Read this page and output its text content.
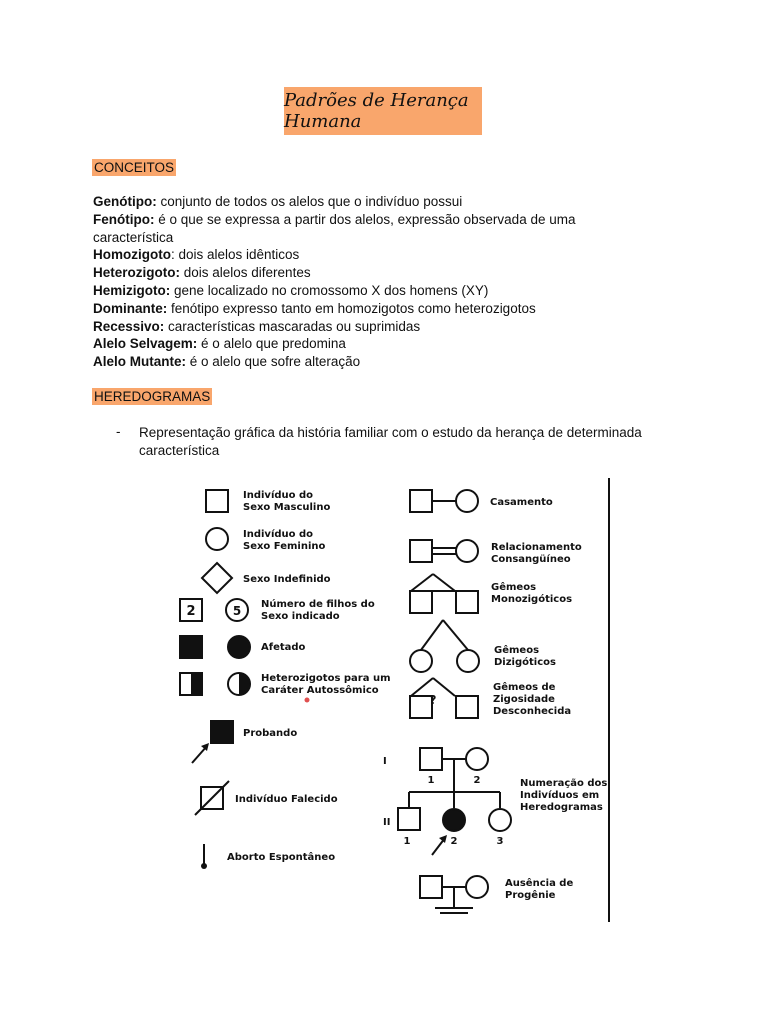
Padrões de Herança Humana
CONCEITOS
Genótipo: conjunto de todos os alelos que o indivíduo possui
Fenótipo: é o que se expressa a partir dos alelos, expressão observada de uma característica
Homozigoto: dois alelos idênticos
Heterozigoto: dois alelos diferentes
Hemizigoto: gene localizado no cromossomo X dos homens (XY)
Dominante: fenótipo expresso tanto em homozigotos como heterozigotos
Recessivo: características mascaradas ou suprimidas
Alelo Selvagem: é o alelo que predomina
Alelo Mutante: é o alelo que sofre alteração
HEREDOGRAMAS
- Representação gráfica da história familiar com o estudo da herança de determinada característica
Indivíduo do
Sexo Masculino
Indivíduo do
Sexo Feminino
Sexo Indefinido
2	5 Número de filhos do
Sexo indicado
Afetado
Heterozigotos para um
Caráter Autossômico
Probando
Indivíduo Falecido
Aborto Espontâneo
Casamento
Relacionamento
Consangüíneo
Gêmeos
Monozigóticos
Gêmeos
Dizigóticos
?
Gêmeos de
Zigosidade
Desconhecida
I
1	2
II
1	2	3
Numeração dos
Indivíduos em
Heredogramas
Ausência de
Progênie
